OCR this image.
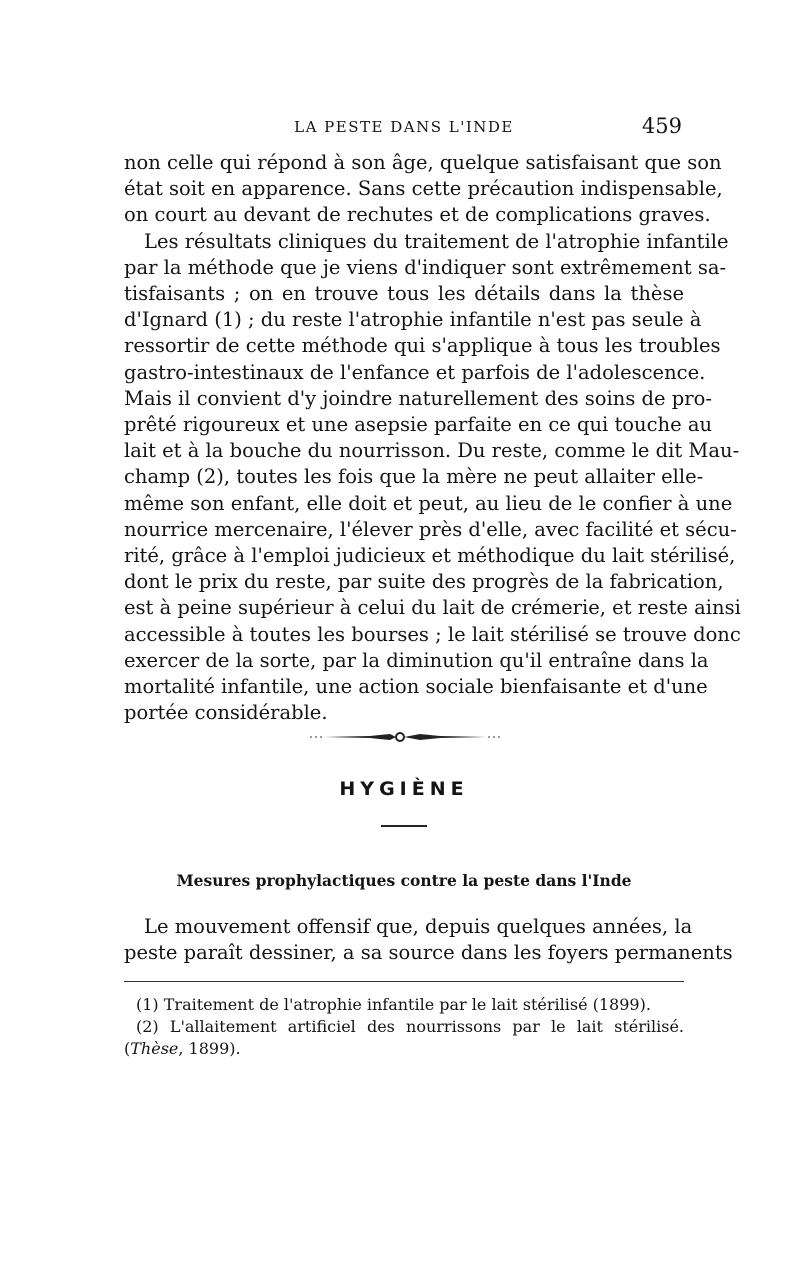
LA PESTE DANS L'INDE	459
non celle qui répond à son âge, quelque satisfaisant que son
état soit en apparence. Sans cette précaution indispensable,
on court au devant de rechutes et de complications graves.
Les résultats cliniques du traitement de l'atrophie infantile
par la méthode que je viens d'indiquer sont extrêmement sa-
tisfaisants ; on en trouve tous les détails dans la thèse
d'Ignard (1) ; du reste l'atrophie infantile n'est pas seule à
ressortir de cette méthode qui s'applique à tous les troubles
gastro-intestinaux de l'enfance et parfois de l'adolescence.
Mais il convient d'y joindre naturellement des soins de pro-
prêté rigoureux et une asepsie parfaite en ce qui touche au
lait et à la bouche du nourrisson. Du reste, comme le dit Mau-
champ (2), toutes les fois que la mère ne peut allaiter elle-
même son enfant, elle doit et peut, au lieu de le confier à une
nourrice mercenaire, l'élever près d'elle, avec facilité et sécu-
rité, grâce à l'emploi judicieux et méthodique du lait stérilisé,
dont le prix du reste, par suite des progrès de la fabrication,
est à peine supérieur à celui du lait de crémerie, et reste ainsi
accessible à toutes les bourses ; le lait stérilisé se trouve donc
exercer de la sorte, par la diminution qu'il entraîne dans la
mortalité infantile, une action sociale bienfaisante et d'une
portée considérable.
HYGIÈNE
Mesures prophylactiques contre la peste dans l'Inde
Le mouvement offensif que, depuis quelques années, la
peste paraît dessiner, a sa source dans les foyers permanents
(1) Traitement de l'atrophie infantile par le lait stérilisé (1899).
(2) L'allaitement artificiel des nourrissons par le lait stérilisé.
(Thèse, 1899).
